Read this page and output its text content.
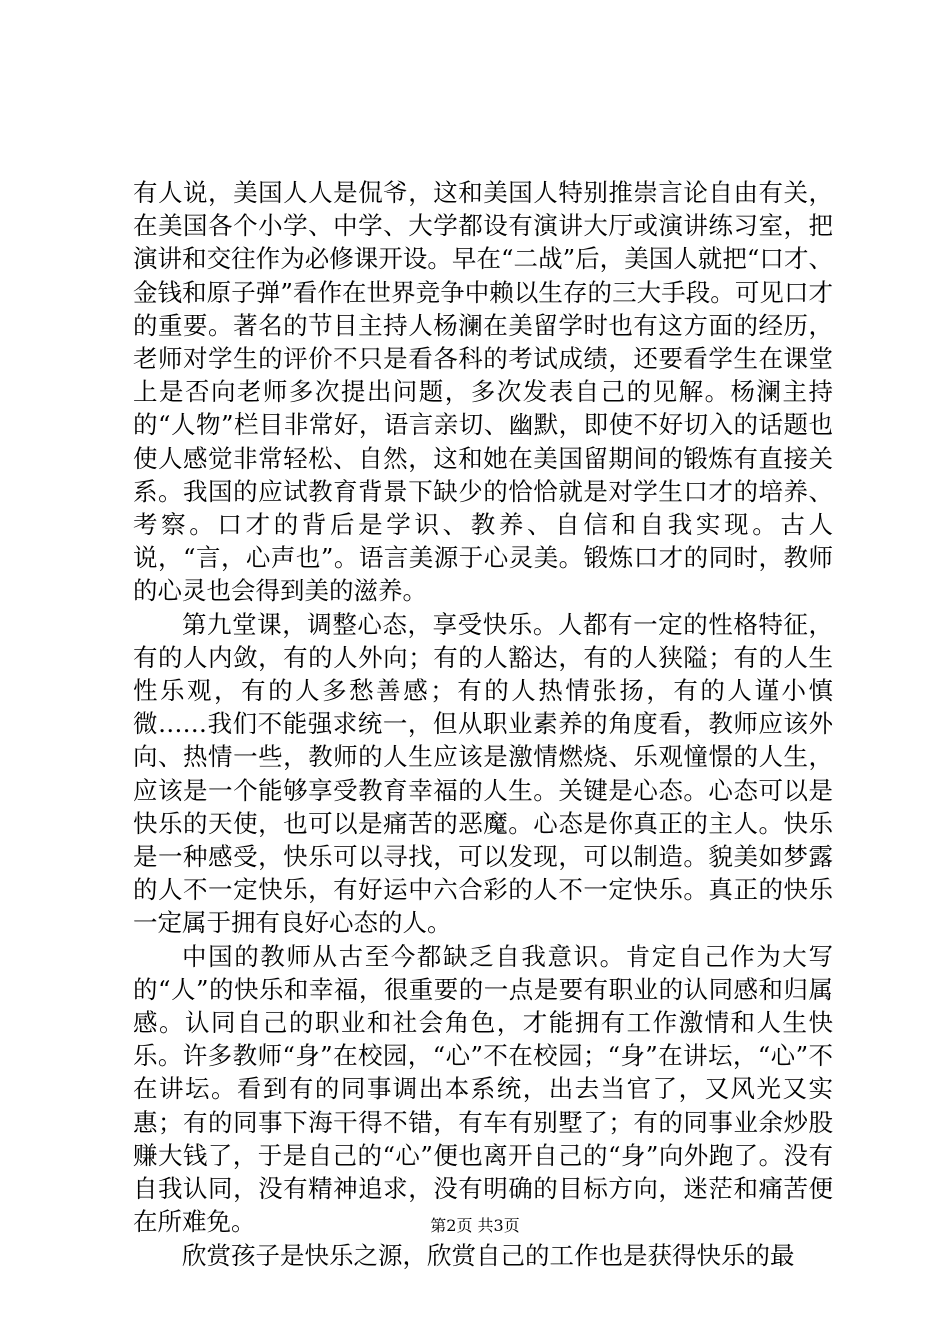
有人说，美国人人是侃爷，这和美国人特别推崇言论自由有关，在美国各个小学、中学、大学都设有演讲大厅或演讲练习室，把演讲和交往作为必修课开设。早在“二战”后，美国人就把“口才、金钱和原子弹”看作在世界竞争中赖以生存的三大手段。可见口才的重要。著名的节目主持人杨澜在美留学时也有这方面的经历，老师对学生的评价不只是看各科的考试成绩，还要看学生在课堂上是否向老师多次提出问题，多次发表自己的见解。杨澜主持的“人物”栏目非常好，语言亲切、幽默，即使不好切入的话题也使人感觉非常轻松、自然，这和她在美国留期间的锻炼有直接关系。我国的应试教育背景下缺少的恰恰就是对学生口才的培养、考察。口才的背后是学识、教养、自信和自我实现。古人说，“言，心声也”。语言美源于心灵美。锻炼口才的同时，教师的心灵也会得到美的滋养。

第九堂课，调整心态，享受快乐。人都有一定的性格特征，有的人内敛，有的人外向；有的人豁达，有的人狭隘；有的人生性乐观，有的人多愁善感；有的人热情张扬，有的人谨小慎微……我们不能强求统一，但从职业素养的角度看，教师应该外向、热情一些，教师的人生应该是激情燃烧、乐观憧憬的人生，应该是一个能够享受教育幸福的人生。关键是心态。心态可以是快乐的天使，也可以是痛苦的恶魔。心态是你真正的主人。快乐是一种感受，快乐可以寻找，可以发现，可以制造。貌美如梦露的人不一定快乐，有好运中六合彩的人不一定快乐。真正的快乐一定属于拥有良好心态的人。

中国的教师从古至今都缺乏自我意识。肯定自己作为大写的“人”的快乐和幸福，很重要的一点是要有职业的认同感和归属感。认同自己的职业和社会角色，才能拥有工作激情和人生快乐。许多教师“身”在校园，“心”不在校园；“身”在讲坛，“心”不在讲坛。看到有的同事调出本系统，出去当官了，又风光又实惠；有的同事下海干得不错，有车有别墅了；有的同事业余炒股赚大钱了，于是自己的“心”便也离开自己的“身”向外跑了。没有自我认同，没有精神追求，没有明确的目标方向，迷茫和痛苦便在所难免。

欣赏孩子是快乐之源，欣赏自己的工作也是获得快乐的最

第2页 共3页
